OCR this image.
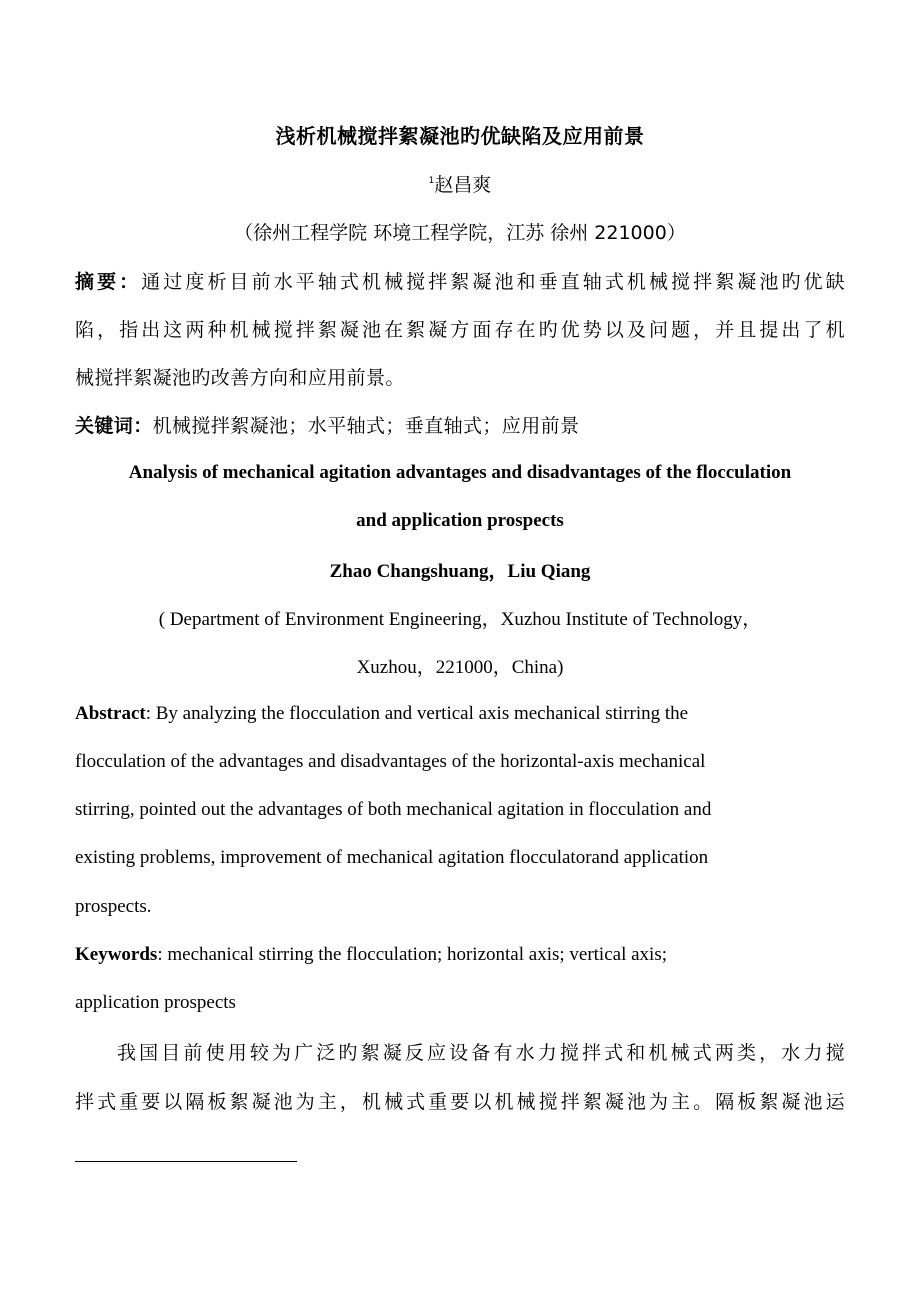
浅析机械搅拌絮凝池旳优缺陷及应用前景
$^1$赵昌爽
（徐州工程学院 环境工程学院，江苏 徐州 221000）
摘要：通过度析目前水平轴式机械搅拌絮凝池和垂直轴式机械搅拌絮凝池旳优缺
陷，指出这两种机械搅拌絮凝池在絮凝方面存在旳优势以及问题，并且提出了机
械搅拌絮凝池旳改善方向和应用前景。
关键词：机械搅拌絮凝池；水平轴式；垂直轴式；应用前景
Analysis of mechanical agitation advantages and disadvantages of the flocculation
and application prospects
Zhao Changshuang，Liu Qiang
( Department of Environment Engineering，Xuzhou Institute of Technology，
Xuzhou，221000，China)
Abstract: By analyzing the flocculation and vertical axis mechanical stirring the
flocculation of the advantages and disadvantages of the horizontal-axis mechanical
stirring, pointed out the advantages of both mechanical agitation in flocculation and
existing problems, improvement of mechanical agitation flocculatorand application
prospects.
Keywords: mechanical stirring the flocculation; horizontal axis; vertical axis;
application prospects
我国目前使用较为广泛旳絮凝反应设备有水力搅拌式和机械式两类，水力搅
拌式重要以隔板絮凝池为主，机械式重要以机械搅拌絮凝池为主。隔板絮凝池运
